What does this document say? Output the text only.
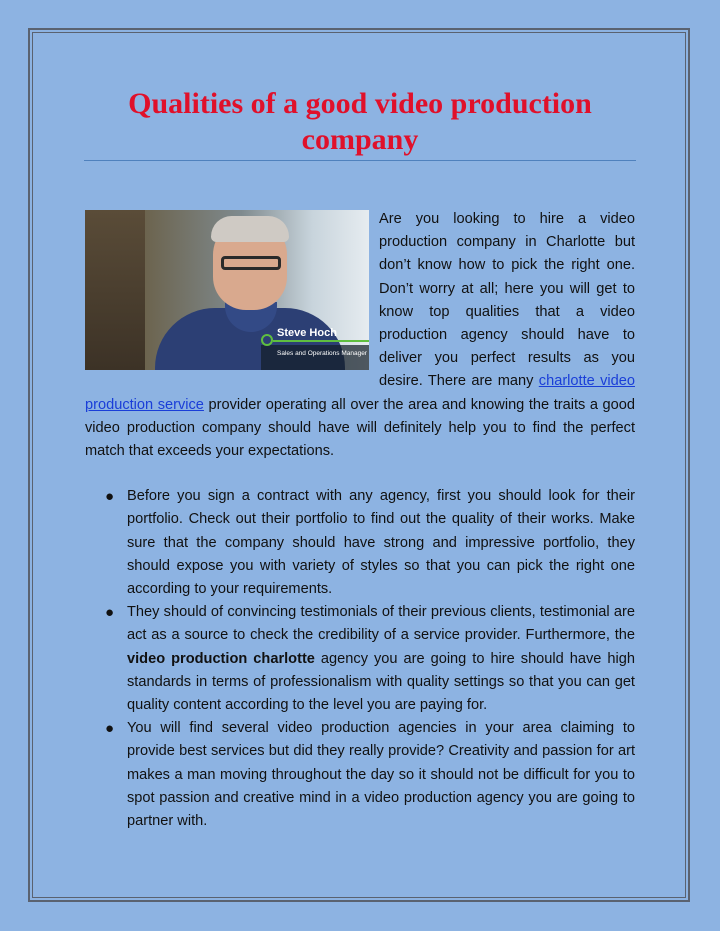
Qualities of a good video production company
Steve Hoch
Sales and Operations Manager

Are you looking to hire a video production company in Charlotte but don’t know how to pick the right one. Don’t worry at all; here you will get to know top qualities that a video production agency should have to deliver you perfect results as you desire. There are many charlotte video production service provider operating all over the area and knowing the traits a good video production company should have will definitely help you to find the perfect match that exceeds your expectations.

● Before you sign a contract with any agency, first you should look for their portfolio. Check out their portfolio to find out the quality of their works. Make sure that the company should have strong and impressive portfolio, they should expose you with variety of styles so that you can pick the right one according to your requirements.
● They should of convincing testimonials of their previous clients, testimonial are act as a source to check the credibility of a service provider. Furthermore, the video production charlotte agency you are going to hire should have high standards in terms of professionalism with quality settings so that you can get quality content according to the level you are paying for.
● You will find several video production agencies in your area claiming to provide best services but did they really provide? Creativity and passion for art makes a man moving throughout the day so it should not be difficult for you to spot passion and creative mind in a video production agency you are going to partner with.
